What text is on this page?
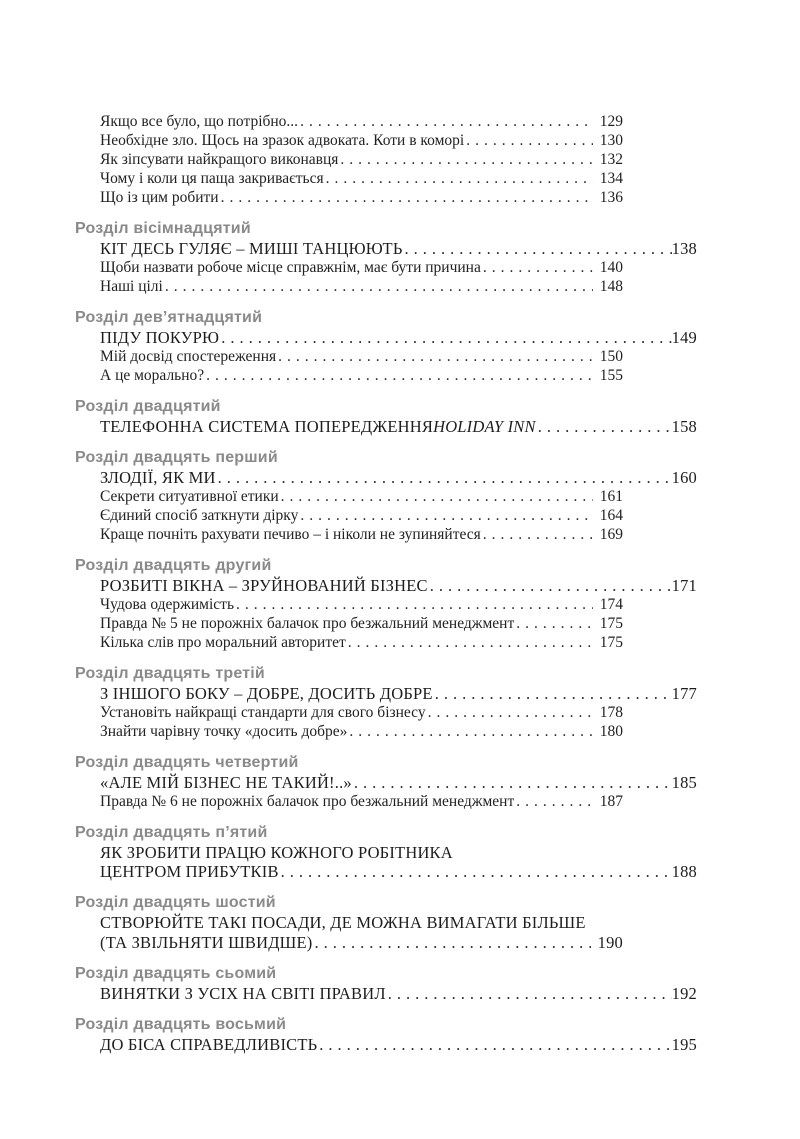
Якщо все було, що потрібно... .....	129
Необхідне зло. Щось на зразок адвоката. Коти в коморі .....	130
Як зіпсувати найкращого виконавця .....	132
Чому і коли ця паща закривається .....	134
Що із цим робити .....	136
Розділ вісімнадцятий
КІТ ДЕСЬ ГУЛЯЄ – МИШІ ТАНЦЮЮТЬ .....	138
Щоби назвати робоче місце справжнім, має бути причина .....	140
Наші цілі .....	148
Розділ дев’ятнадцятий
ПІДУ ПОКУРЮ .....	149
Мій досвід спостереження .....	150
А це морально? .....	155
Розділ двадцятий
ТЕЛЕФОННА СИСТЕМА ПОПЕРЕДЖЕННЯ HOLIDAY INN .....	158
Розділ двадцять перший
ЗЛОДІЇ, ЯК МИ .....	160
Секрети ситуативної етики .....	161
Єдиний спосіб заткнути дірку .....	164
Краще почніть рахувати печиво – і ніколи не зупиняйтеся .....	169
Розділ двадцять другий
РОЗБИТІ ВІКНА – ЗРУЙНОВАНИЙ БІЗНЕС .....	171
Чудова одержимість .....	174
Правда № 5 не порожніх балачок про безжальний менеджмент .....	175
Кілька слів про моральний авторитет .....	175
Розділ двадцять третій
З ІНШОГО БОКУ – ДОБРЕ, ДОСИТЬ ДОБРЕ .....	177
Установіть найкращі стандарти для свого бізнесу .....	178
Знайти чарівну точку «досить добре» .....	180
Розділ двадцять четвертий
«АЛЕ МІЙ БІЗНЕС НЕ ТАКИЙ!..» .....	185
Правда № 6 не порожніх балачок про безжальний менеджмент .....	187
Розділ двадцять п’ятий
ЯК ЗРОБИТИ ПРАЦЮ КОЖНОГО РОБІТНИКА
ЦЕНТРОМ ПРИБУТКІВ .....	188
Розділ двадцять шостий
СТВОРЮЙТЕ ТАКІ ПОСАДИ, ДЕ МОЖНА ВИМАГАТИ БІЛЬШЕ
(ТА ЗВІЛЬНЯТИ ШВИДШЕ) .....	190
Розділ двадцять сьомий
ВИНЯТКИ З УСІХ НА СВІТІ ПРАВИЛ .....	192
Розділ двадцять восьмий
ДО БІСА СПРАВЕДЛИВІСТЬ .....	195
